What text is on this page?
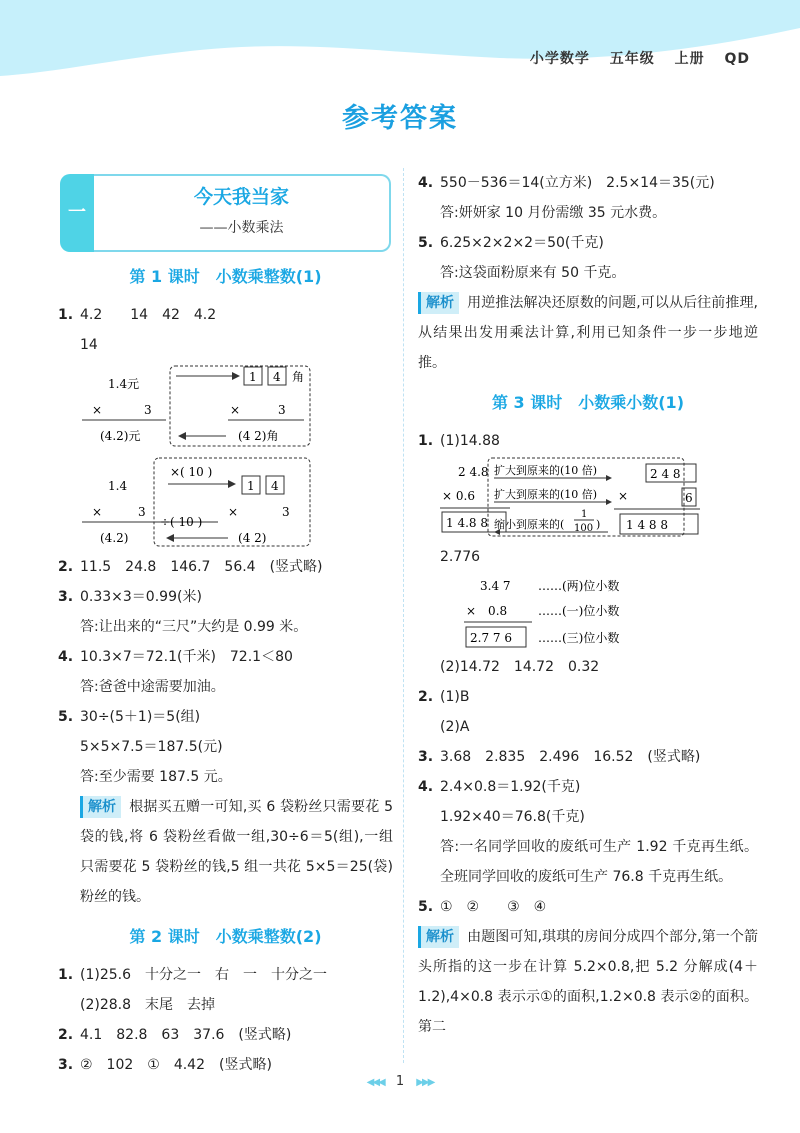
小学数学 五年级 上册 QD
参考答案
一
今天我当家
——小数乘法
第 1 课时　小数乘整数(1)
1. 4.2　　14　42　4.2
14
1.4元
×	3
(4.2)元
1 4 角
×	3
(4 2)角
1.4
×	3
(4.2)
×( 10 )
1 4
×	3
÷( 10 )
(4 2)
2. 11.5　24.8　146.7　56.4　(竖式略)
3. 0.33×3＝0.99(米)
答:让出来的“三尺”大约是 0.99 米。
4. 10.3×7＝72.1(千米)　72.1＜80
答:爸爸中途需要加油。
5. 30÷(5＋1)＝5(组)
5×5×7.5＝187.5(元)
答:至少需要 187.5 元。
解析 根据买五赠一可知,买 6 袋粉丝只需要花 5 袋的钱,将 6 袋粉丝看做一组,30÷6＝5(组),一组只需要花 5 袋粉丝的钱,5 组一共花 5×5＝25(袋)粉丝的钱。
第 2 课时　小数乘整数(2)
1. (1)25.6　十分之一　右　一　十分之一
(2)28.8　末尾　去掉
2. 4.1　82.8　63　37.6　(竖式略)
3. ②　102　①　4.42　(竖式略)
4. 550－536＝14(立方米)　2.5×14＝35(元)
答:妍妍家 10 月份需缴 35 元水费。
5. 6.25×2×2×2＝50(千克)
答:这袋面粉原来有 50 千克。
解析 用逆推法解决还原数的问题,可以从后往前推理,从结果出发用乘法计算,利用已知条件一步一步地逆推。
第 3 课时　小数乘小数(1)
1. (1)14.88
2 4.8
× 0.6
1 4.8 8
扩大到原来的(10 倍)
扩大到原来的(10 倍)
缩小到原来的(
1
100 )
2 4 8
×	6
1 4 8 8
2.776
3.4 7
×　0.8
2.7 7 6
……(两)位小数
……(一)位小数
……(三)位小数
(2)14.72　14.72　0.32
2. (1)B
(2)A
3. 3.68　2.835　2.496　16.52　(竖式略)
4. 2.4×0.8＝1.92(千克)
1.92×40＝76.8(千克)
答:一名同学回收的废纸可生产 1.92 千克再生纸。全班同学回收的废纸可生产 76.8 千克再生纸。
5. ①　②　　③　④
解析 由题图可知,琪琪的房间分成四个部分,第一个箭头所指的这一步在计算 5.2×0.8,把 5.2 分解成(4＋1.2),4×0.8 表示示①的面积,1.2×0.8 表示②的面积。第二
◀◀◀ 1 ▶▶▶
